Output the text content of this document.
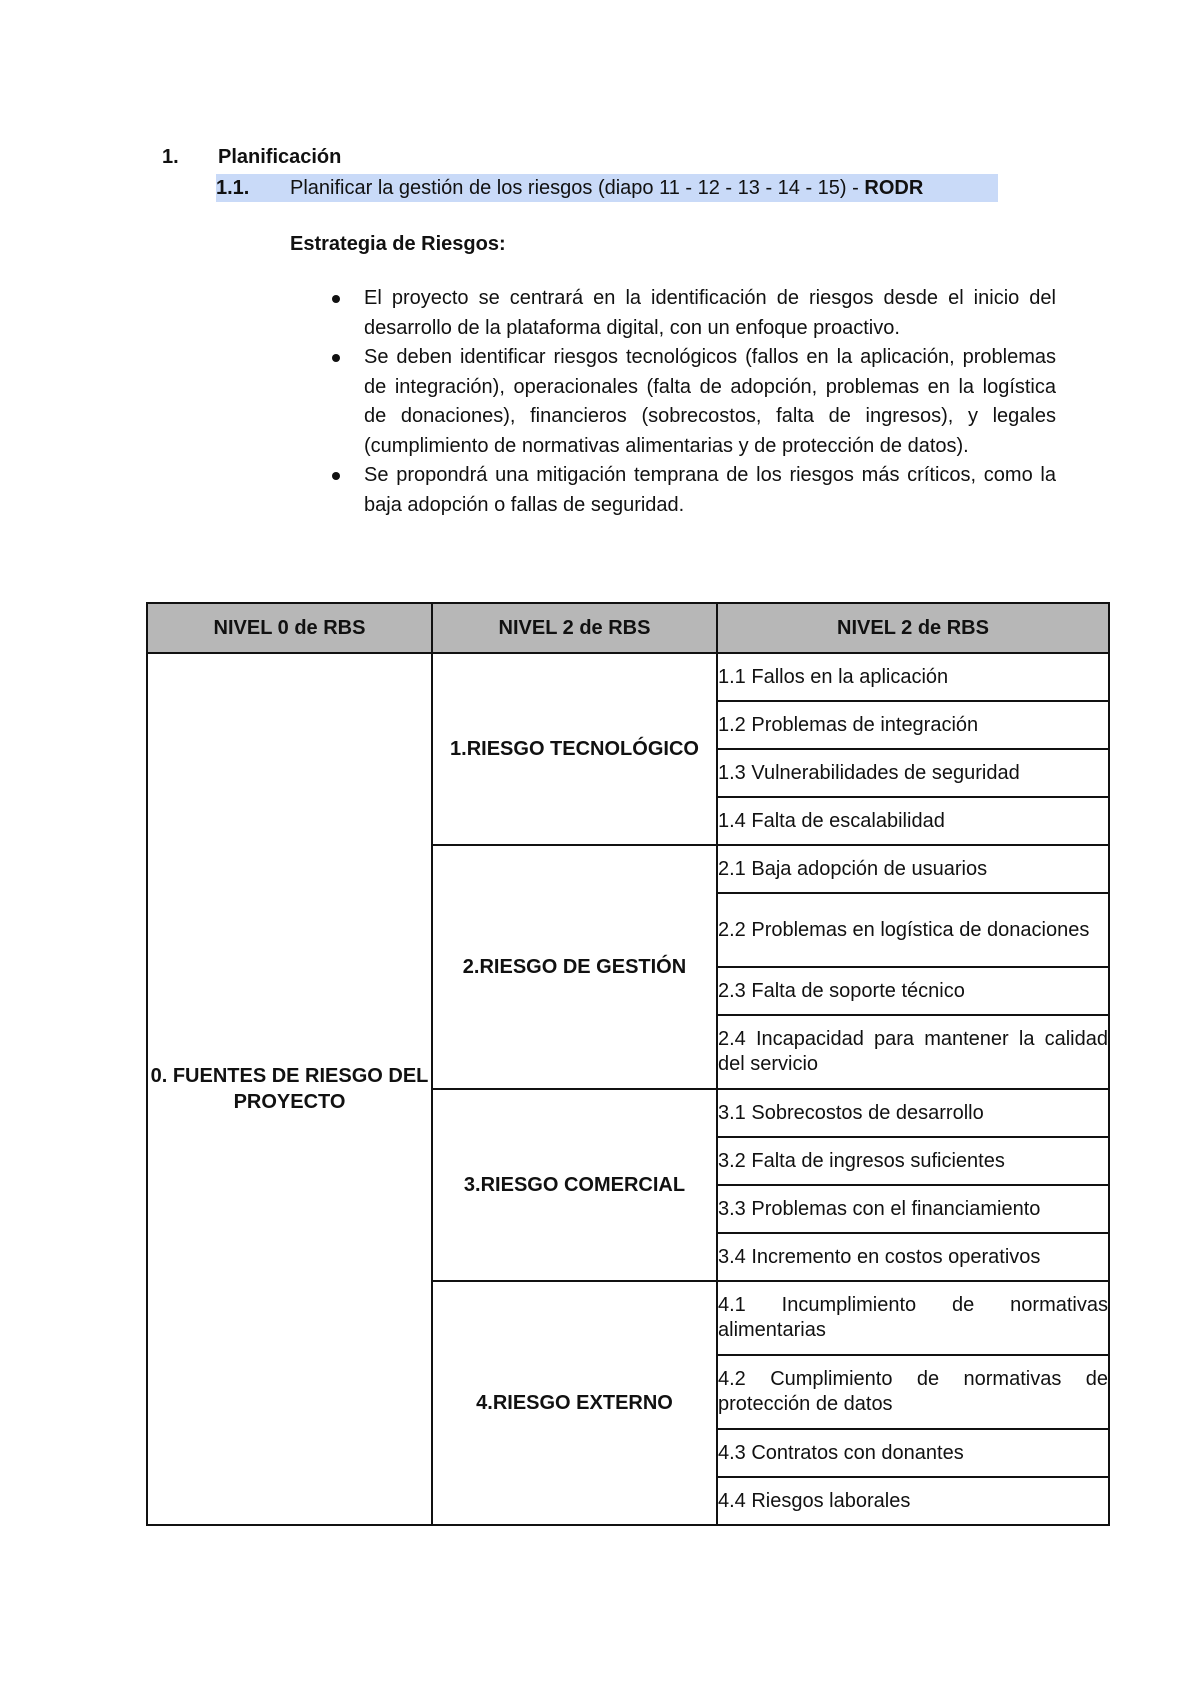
1. Planificación
1.1. Planificar la gestión de los riesgos (diapo 11 - 12 - 13 - 14 - 15) - RODR
Estrategia de Riesgos:
El proyecto se centrará en la identificación de riesgos desde el inicio del desarrollo de la plataforma digital, con un enfoque proactivo.
Se deben identificar riesgos tecnológicos (fallos en la aplicación, problemas de integración), operacionales (falta de adopción, problemas en la logística de donaciones), financieros (sobrecostos, falta de ingresos), y legales (cumplimiento de normativas alimentarias y de protección de datos).
Se propondrá una mitigación temprana de los riesgos más críticos, como la baja adopción o fallas de seguridad.
NIVEL 0 de RBS	NIVEL 2 de RBS	NIVEL 2 de RBS
0. FUENTES DE RIESGO DEL PROYECTO	1.RIESGO TECNOLÓGICO	1.1 Fallos en la aplicación
		1.2 Problemas de integración
		1.3 Vulnerabilidades de seguridad
		1.4 Falta de escalabilidad
	2.RIESGO DE GESTIÓN	2.1 Baja adopción de usuarios
		2.2 Problemas en logística de donaciones
		2.3 Falta de soporte técnico
		2.4 Incapacidad para mantener la calidad del servicio
	3.RIESGO COMERCIAL	3.1 Sobrecostos de desarrollo
		3.2 Falta de ingresos suficientes
		3.3 Problemas con el financiamiento
		3.4 Incremento en costos operativos
	4.RIESGO EXTERNO	4.1 Incumplimiento de normativas alimentarias
		4.2 Cumplimiento de normativas de protección de datos
		4.3 Contratos con donantes
		4.4 Riesgos laborales
